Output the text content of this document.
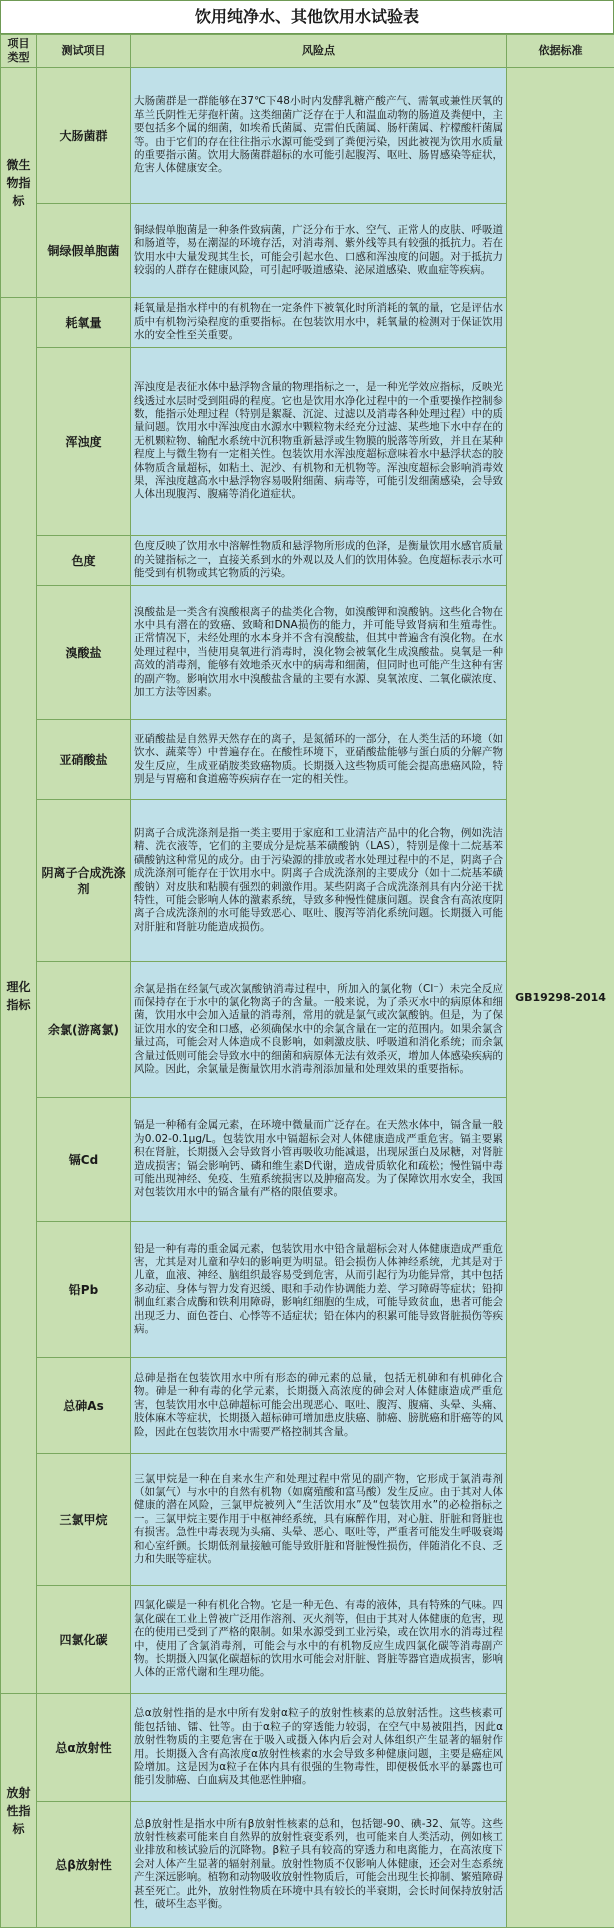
饮用纯净水、其他饮用水试验表
项目类型	测试项目	风险点	依据标准
微生物指标	大肠菌群	大肠菌群是一群能够在37℃下48小时内发酵乳糖产酸产气、需氧或兼性厌氧的革兰氏阴性无芽孢杆菌。这类细菌广泛存在于人和温血动物的肠道及粪便中，主要包括多个属的细菌，如埃希氏菌属、克雷伯氏菌属、肠杆菌属、柠檬酸杆菌属等。由于它们的存在往往指示水源可能受到了粪便污染，因此被视为饮用水质量的重要指示菌。饮用大肠菌群超标的水可能引起腹泻、呕吐、肠胃感染等症状，危害人体健康安全。	GB19298-2014
	铜绿假单胞菌	铜绿假单胞菌是一种条件致病菌，广泛分布于水、空气、正常人的皮肤、呼吸道和肠道等，易在潮湿的环境存活，对消毒剂、紫外线等具有较强的抵抗力。若在饮用水中大量发现其生长，可能会引起水色、口感和浑浊度的问题。对于抵抗力较弱的人群存在健康风险，可引起呼吸道感染、泌尿道感染、败血症等疾病。	
理化指标	耗氧量	耗氧量是指水样中的有机物在一定条件下被氧化时所消耗的氧的量，它是评估水质中有机物污染程度的重要指标。在包装饮用水中，耗氧量的检测对于保证饮用水的安全性至关重要。	
	浑浊度	浑浊度是表征水体中悬浮物含量的物理指标之一，是一种光学效应指标，反映光线透过水层时受到阻碍的程度。它也是饮用水净化过程中的一个重要操作控制参数，能指示处理过程（特别是絮凝、沉淀、过滤以及消毒各种处理过程）中的质量问题。饮用水中浑浊度由水源水中颗粒物未经充分过滤、某些地下水中存在的无机颗粒物、输配水系统中沉积物重新悬浮或生物膜的脱落等所致，并且在某种程度上与微生物有一定相关性。包装饮用水浑浊度超标意味着水中悬浮状态的胶体物质含量超标，如粘土、泥沙、有机物和无机物等。浑浊度超标会影响消毒效果，浑浊度越高水中悬浮物容易吸附细菌、病毒等，可能引发细菌感染，会导致人体出现腹泻、腹痛等消化道症状。	
	色度	色度反映了饮用水中溶解性物质和悬浮物所形成的色泽，是衡量饮用水感官质量的关键指标之一，直接关系到水的外观以及人们的饮用体验。色度超标表示水可能受到有机物或其它物质的污染。	
	溴酸盐	溴酸盐是一类含有溴酸根离子的盐类化合物，如溴酸钾和溴酸钠。这些化合物在水中具有潜在的致癌、致畸和DNA损伤的能力，并可能导致肾病和生殖毒性。正常情况下，未经处理的水本身并不含有溴酸盐，但其中普遍含有溴化物。在水处理过程中，当使用臭氧进行消毒时，溴化物会被氧化生成溴酸盐。臭氧是一种高效的消毒剂，能够有效地杀灭水中的病毒和细菌，但同时也可能产生这种有害的副产物。影响饮用水中溴酸盐含量的主要有水源、臭氧浓度、二氧化碳浓度、加工方法等因素。	
	亚硝酸盐	亚硝酸盐是自然界天然存在的离子，是氮循环的一部分，在人类生活的环境（如饮水、蔬菜等）中普遍存在。在酸性环境下，亚硝酸盐能够与蛋白质的分解产物发生反应，生成亚硝胺类致癌物质。长期摄入这些物质可能会提高患癌风险，特别是与胃癌和食道癌等疾病存在一定的相关性。	
	阴离子合成洗涤剂	阴离子合成洗涤剂是指一类主要用于家庭和工业清洁产品中的化合物，例如洗洁精、洗衣液等，它们的主要成分是烷基苯磺酸钠（LAS），特别是像十二烷基苯磺酸钠这种常见的成分。由于污染源的排放或者水处理过程中的不足，阴离子合成洗涤剂可能存在于饮用水中。阴离子合成洗涤剂的主要成分（如十二烷基苯磺酸钠）对皮肤和粘膜有强烈的刺激作用。某些阴离子合成洗涤剂具有内分泌干扰特性，可能会影响人体的激素系统，导致多种慢性健康问题。误食含有高浓度阴离子合成洗涤剂的水可能导致恶心、呕吐、腹泻等消化系统问题。长期摄入可能对肝脏和肾脏功能造成损伤。	
	余氯(游离氯)	余氯是指在经氯气或次氯酸钠消毒过程中，所加入的氯化物（Cl⁻）未完全反应而保持存在于水中的氯化物离子的含量。一般来说，为了杀灭水中的病原体和细菌，饮用水中会加入适量的消毒剂，常用的就是氯气或次氯酸钠。但是，为了保证饮用水的安全和口感，必须确保水中的余氯含量在一定的范围内。如果余氯含量过高，可能会对人体造成不良影响，如刺激皮肤、呼吸道和消化系统；而余氯含量过低则可能会导致水中的细菌和病原体无法有效杀灭，增加人体感染疾病的风险。因此，余氯量是衡量饮用水消毒剂添加量和处理效果的重要指标。	
	镉Cd	镉是一种稀有金属元素，在环境中微量而广泛存在。在天然水体中，镉含量一般为0.02-0.1μg/L。包装饮用水中镉超标会对人体健康造成严重危害。镉主要累积在肾脏，长期摄入会导致肾小管再吸收功能减退，出现尿蛋白及尿糖，对肾脏造成损害；镉会影响钙、磷和维生素D代谢，造成骨质软化和疏松；慢性镉中毒可能出现神经、免疫、生殖系统损害以及肿瘤高发。为了保障饮用水安全，我国对包装饮用水中的镉含量有严格的限值要求。	
	铅Pb	铅是一种有毒的重金属元素，包装饮用水中铅含量超标会对人体健康造成严重危害，尤其是对儿童和孕妇的影响更为明显。铅会损伤人体神经系统，尤其是对于儿童，血液、神经、脑组织最容易受到危害，从而引起行为功能异常，其中包括多动症、身体与智力发育迟缓、眼和手动作协调能力差、学习障碍等症状；铅抑制血红素合成酶和铁利用障碍，影响红细胞的生成，可能导致贫血，患者可能会出现乏力、面色苍白、心悸等不适症状；铅在体内的积累可能导致肾脏损伤等疾病。	
	总砷As	总砷是指在包装饮用水中所有形态的砷元素的总量，包括无机砷和有机砷化合物。砷是一种有毒的化学元素，长期摄入高浓度的砷会对人体健康造成严重危害，包装饮用水中总砷超标可能会出现恶心、呕吐、腹泻、腹痛、头晕、头痛、肢体麻木等症状，长期摄入超标砷可增加患皮肤癌、肺癌、膀胱癌和肝癌等的风险，因此在包装饮用水中需要严格控制其含量。	
	三氯甲烷	三氯甲烷是一种在自来水生产和处理过程中常见的副产物，它形成于氯消毒剂（如氯气）与水中的自然有机物（如腐殖酸和富马酸）发生反应。由于其对人体健康的潜在风险，三氯甲烷被列入“生活饮用水”及“包装饮用水”的必检指标之一。三氯甲烷主要作用于中枢神经系统，具有麻醉作用，对心脏、肝脏和肾脏也有损害。急性中毒表现为头痛、头晕、恶心、呕吐等，严重者可能发生呼吸衰竭和心室纤颤。长期低剂量接触可能导致肝脏和肾脏慢性损伤，伴随消化不良、乏力和失眠等症状。	
	四氯化碳	四氯化碳是一种有机化合物。它是一种无色、有毒的液体，具有特殊的气味。四氯化碳在工业上曾被广泛用作溶剂、灭火剂等，但由于其对人体健康的危害，现在的使用已受到了严格的限制。如果水源受到工业污染，或在饮用水的消毒过程中，使用了含氯消毒剂，可能会与水中的有机物反应生成四氯化碳等消毒副产物。长期摄入四氯化碳超标的饮用水可能会对肝脏、肾脏等器官造成损害，影响人体的正常代谢和生理功能。	
放射性指标	总α放射性	总α放射性指的是水中所有发射α粒子的放射性核素的总放射活性。这些核素可能包括铀、镭、钍等。由于α粒子的穿透能力较弱，在空气中易被阻挡，因此α放射性物质的主要危害在于吸入或摄入体内后会对人体组织产生显著的辐射作用。长期摄入含有高浓度α放射性核素的水会导致多种健康问题，主要是癌症风险增加。这是因为α粒子在体内具有很强的生物毒性，即便极低水平的暴露也可能引发肺癌、白血病及其他恶性肿瘤。	
	总β放射性	总β放射性是指水中所有β放射性核素的总和，包括锶-90、碘-32、氚等。这些放射性核素可能来自自然界的放射性衰变系列，也可能来自人类活动，例如核工业排放和核试验后的沉降物。β粒子具有较高的穿透力和电离能力，在高浓度下会对人体产生显著的辐射剂量。放射性物质不仅影响人体健康，还会对生态系统产生深远影响。植物和动物吸收放射性物质后，可能会出现生长抑制、繁殖障碍甚至死亡。此外，放射性物质在环境中具有较长的半衰期，会长时间保持放射活性，破坏生态平衡。	
